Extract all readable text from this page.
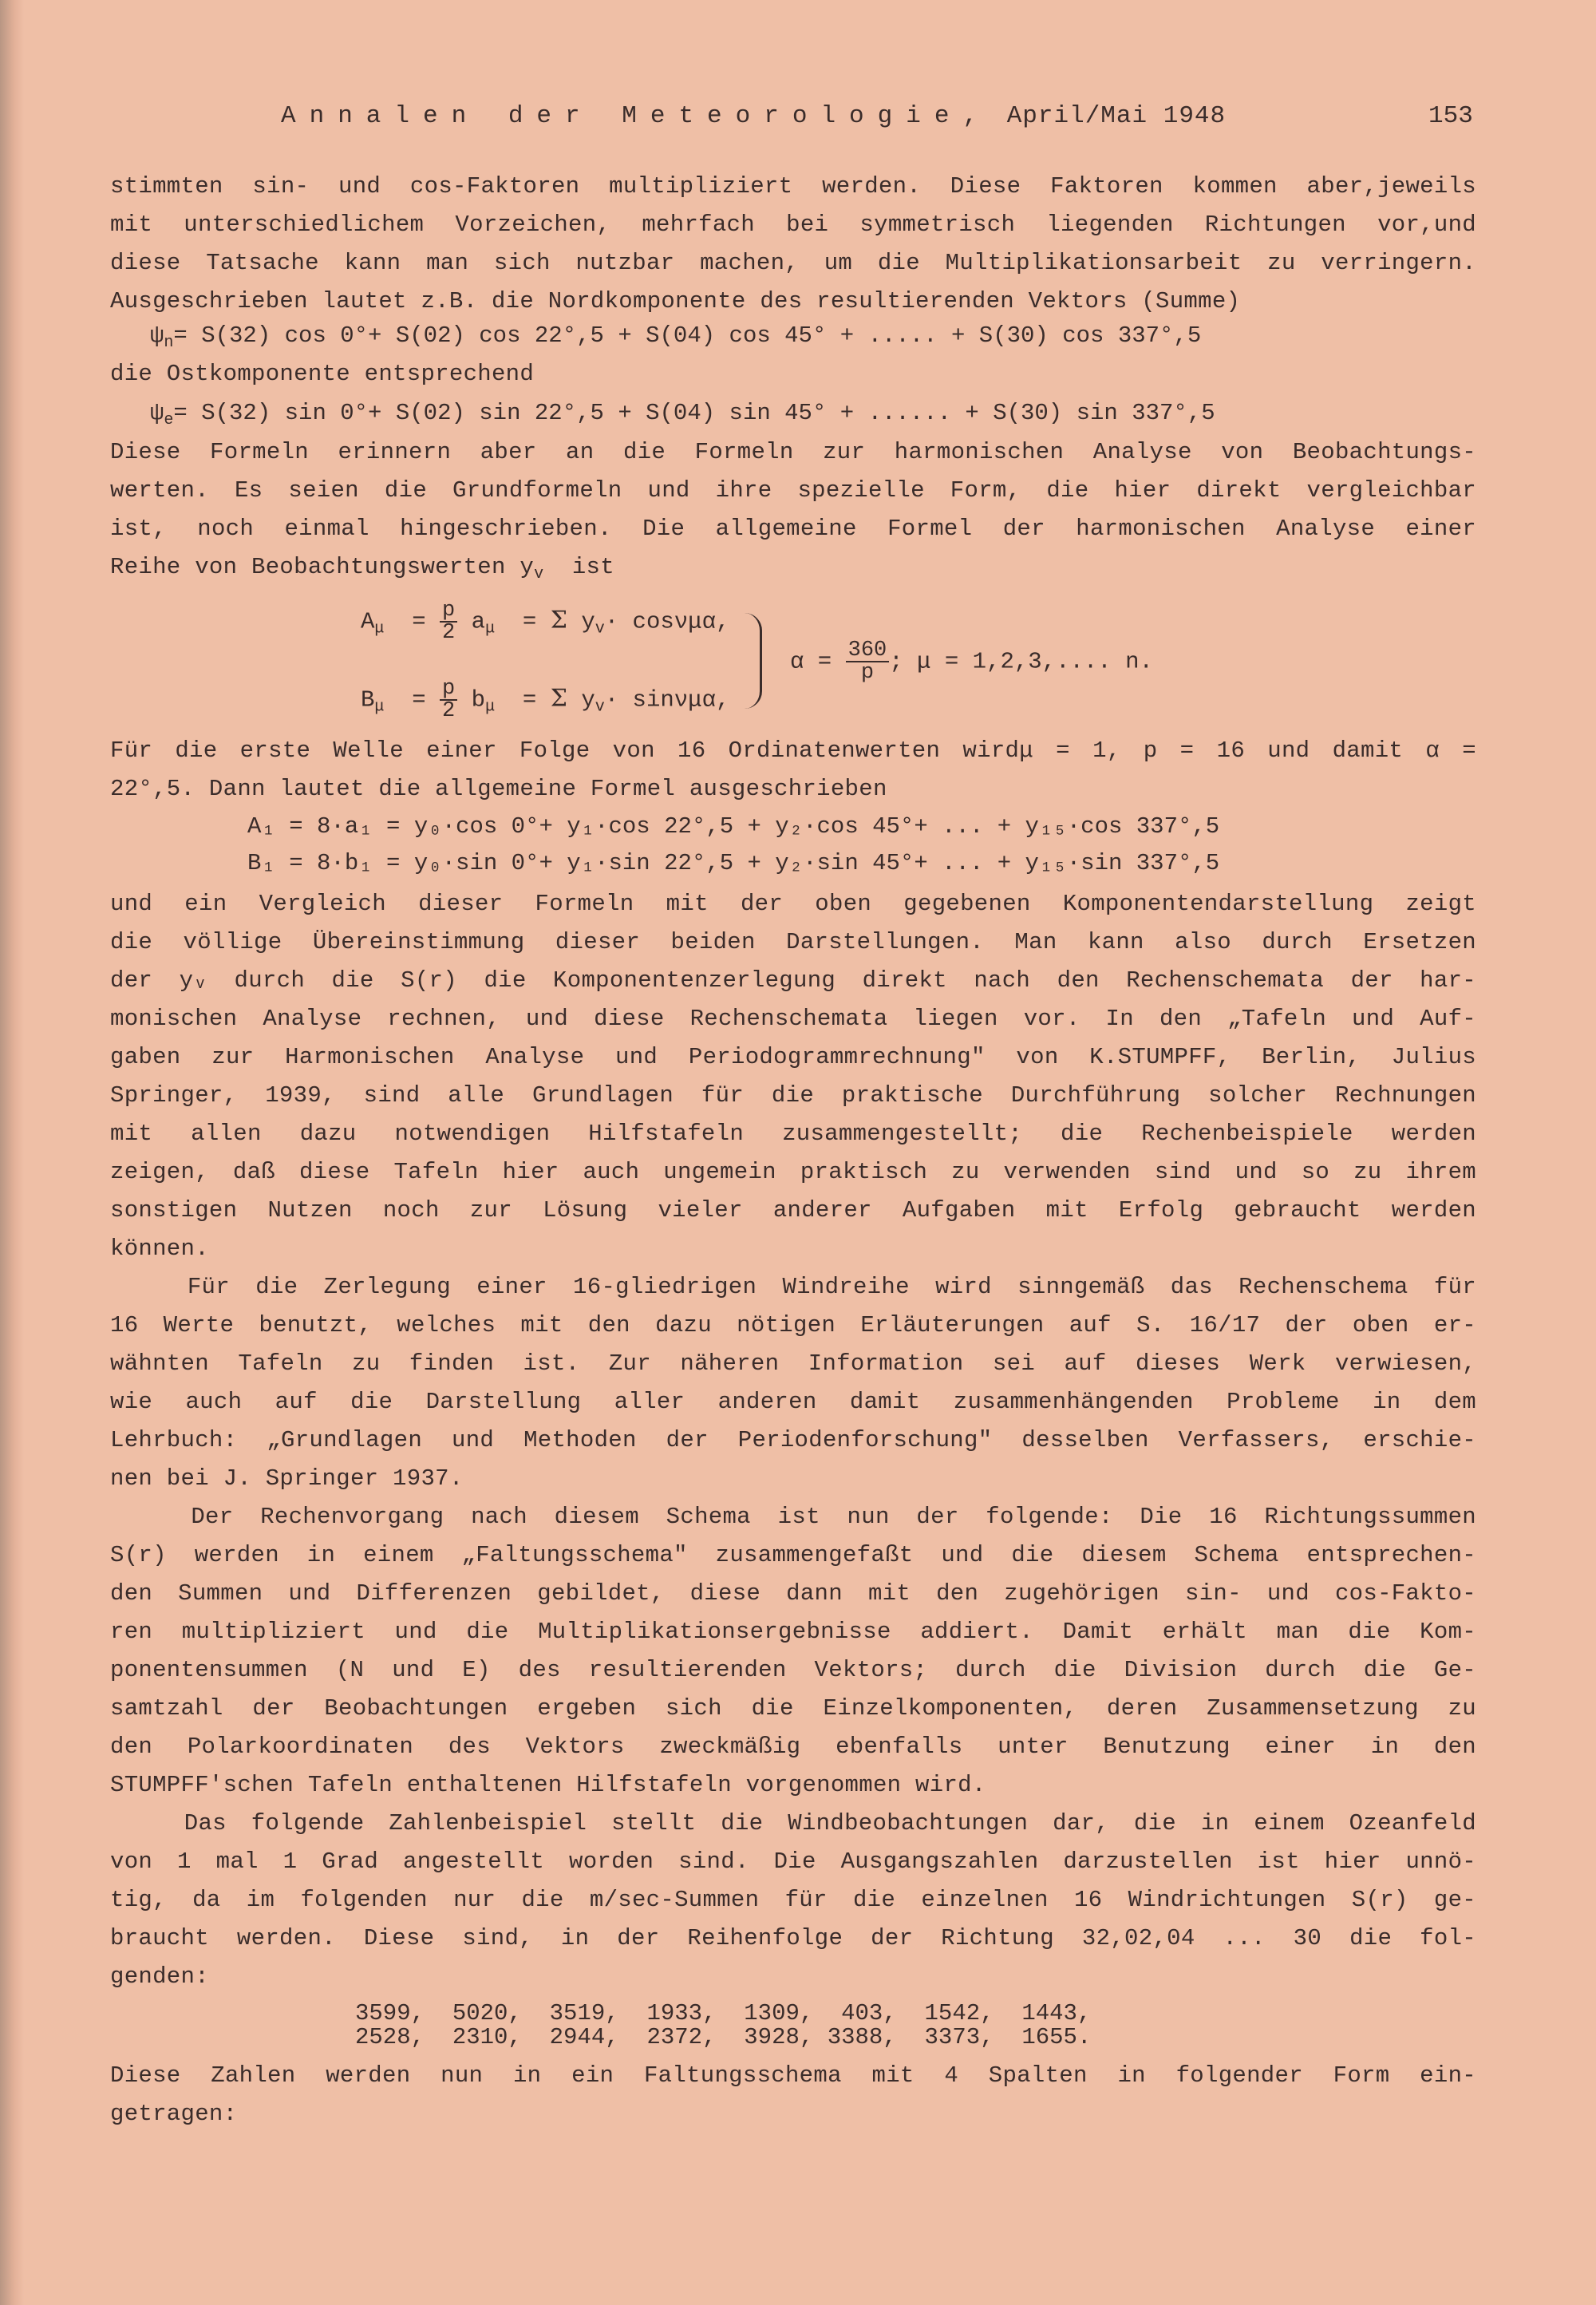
Annalen der Meteorologie, April/Mai 1948	153
stimmten sin- und cos-Faktoren multipliziert werden. Diese Faktoren kommen aber,jeweils
mit unterschiedlichem Vorzeichen, mehrfach bei symmetrisch liegenden Richtungen vor,und
diese Tatsache kann man sich nutzbar machen, um die Multiplikationsarbeit zu verringern.
Ausgeschrieben lautet z.B. die Nordkomponente des resultierenden Vektors (Summe)
$\psi_n= S(32)$ cos 0°+ S(02) cos 22°,5 + S(04) cos 45° + ..... + S(30) cos 337°,5
die Ostkomponente entsprechend
$\psi_e= S(32)$ sin 0°+ S(02) sin 22°,5 + S(04) sin 45° + ...... + S(30) sin 337°,5
Diese Formeln erinnern aber an die Formeln zur harmonischen Analyse von Beobachtungs-
werten. Es seien die Grundformeln und ihre spezielle Form, die hier direkt vergleichbar
ist, noch einmal hingeschrieben. Die allgemeine Formel der harmonischen Analyse einer
Reihe von Beobachtungswerten $y_v$ ist
$A_\mu = \frac{p}{2} a_\mu = \Sigma$ $y_v\cdot \cos\nu\mu\alpha$,
$B_\mu = \frac{p}{2} b_\mu = \Sigma$ $y_v\cdot \sin\nu\mu\alpha$,
$\alpha = \frac{360}{p}$ ; μ = 1,2,3,.... n.
Für die erste Welle einer Folge von 16 Ordinatenwerten wirdμ = 1, p = 16 und damit α =
22°,5. Dann lautet die allgemeine Formel ausgeschrieben
A₁ = 8·a₁ = y₀·cos 0°+ y₁·cos 22°,5 + y₂·cos 45°+ ... + y₁₅·cos 337°,5
B₁ = 8·b₁ = y₀·sin 0°+ y₁·sin 22°,5 + y₂·sin 45°+ ... + y₁₅·sin 337°,5
und ein Vergleich dieser Formeln mit der oben gegebenen Komponentendarstellung zeigt
die völlige Übereinstimmung dieser beiden Darstellungen. Man kann also durch Ersetzen
der yᵥ durch die S(r) die Komponentenzerlegung direkt nach den Rechenschemata der har-
monischen Analyse rechnen, und diese Rechenschemata liegen vor. In den „Tafeln und Auf-
gaben zur Harmonischen Analyse und Periodogrammrechnung" von K.STUMPFF, Berlin, Julius
Springer, 1939, sind alle Grundlagen für die praktische Durchführung solcher Rechnungen
mit allen dazu notwendigen Hilfstafeln zusammengestellt; die Rechenbeispiele werden
zeigen, daß diese Tafeln hier auch ungemein praktisch zu verwenden sind und so zu ihrem
sonstigen Nutzen noch zur Lösung vieler anderer Aufgaben mit Erfolg gebraucht werden
können.
Für die Zerlegung einer 16-gliedrigen Windreihe wird sinngemäß das Rechenschema für
16 Werte benutzt, welches mit den dazu nötigen Erläuterungen auf S. 16/17 der oben er-
wähnten Tafeln zu finden ist. Zur näheren Information sei auf dieses Werk verwiesen,
wie auch auf die Darstellung aller anderen damit zusammenhängenden Probleme in dem
Lehrbuch: „Grundlagen und Methoden der Periodenforschung" desselben Verfassers, erschie-
nen bei J. Springer 1937.
Der Rechenvorgang nach diesem Schema ist nun der folgende: Die 16 Richtungssummen
S(r) werden in einem „Faltungsschema" zusammengefaßt und die diesem Schema entsprechen-
den Summen und Differenzen gebildet, diese dann mit den zugehörigen sin- und cos-Fakto-
ren multipliziert und die Multiplikationsergebnisse addiert. Damit erhält man die Kom-
ponentensummen (N und E) des resultierenden Vektors; durch die Division durch die Ge-
samtzahl der Beobachtungen ergeben sich die Einzelkomponenten, deren Zusammensetzung zu
den Polarkoordinaten des Vektors zweckmäßig ebenfalls unter Benutzung einer in den
STUMPFF'schen Tafeln enthaltenen Hilfstafeln vorgenommen wird.
Das folgende Zahlenbeispiel stellt die Windbeobachtungen dar, die in einem Ozeanfeld
von 1 mal 1 Grad angestellt worden sind. Die Ausgangszahlen darzustellen ist hier unnö-
tig, da im folgenden nur die m/sec-Summen für die einzelnen 16 Windrichtungen S(r) ge-
braucht werden. Diese sind, in der Reihenfolge der Richtung 32,02,04 ... 30 die fol-
genden:
3599,  5020,  3519,  1933,  1309,  403,  1542,  1443,
2528,  2310,  2944,  2372,  3928, 3388,  3373,  1655.
Diese Zahlen werden nun in ein Faltungsschema mit 4 Spalten in folgender Form ein-
getragen:
